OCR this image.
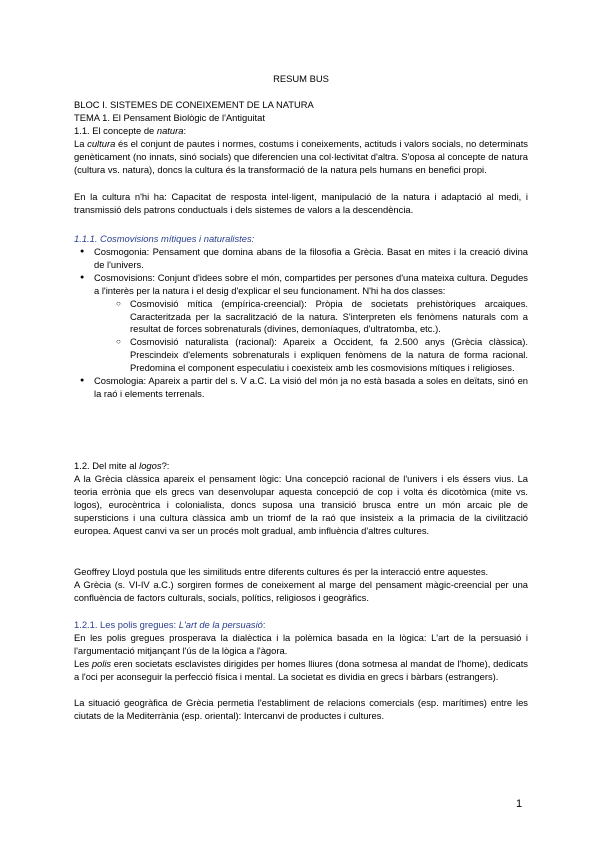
RESUM BUS
BLOC I. SISTEMES DE CONEIXEMENT DE LA NATURA
TEMA 1. El Pensament Biològic de l'Antiguitat
1.1. El concepte de natura:
La cultura és el conjunt de pautes i normes, costums i coneixements, actituds i valors socials, no determinats genèticament (no innats, sinó socials) que diferencien una col·lectivitat d'altra. S'oposa al concepte de natura (cultura vs. natura), doncs la cultura és la transformació de la natura pels humans en benefici propi.
En la cultura n'hi ha: Capacitat de resposta intel·ligent, manipulació de la natura i adaptació al medi, i transmissió dels patrons conductuals i dels sistemes de valors a la descendència.
1.1.1. Cosmovisions mítiques i naturalistes:
● Cosmogonia: Pensament que domina abans de la filosofia a Grècia. Basat en mites i la creació divina de l'univers.
● Cosmovisions: Conjunt d'idees sobre el món, compartides per persones d'una mateixa cultura. Degudes a l'interès per la natura i el desig d'explicar el seu funcionament. N'hi ha dos classes:
○ Cosmovisió mítica (empírica-creencial): Pròpia de societats prehistòriques arcaiques. Caracteritzada per la sacralització de la natura. S'interpreten els fenòmens naturals com a resultat de forces sobrenaturals (divines, demoníaques, d'ultratomba, etc.).
○ Cosmovisió naturalista (racional): Apareix a Occident, fa 2.500 anys (Grècia clàssica). Prescindeix d'elements sobrenaturals i expliquen fenòmens de la natura de forma racional. Predomina el component especulatiu i coexisteix amb les cosmovisions mítiques i religioses.
● Cosmologia: Apareix a partir del s. V a.C. La visió del món ja no està basada a soles en deïtats, sinó en la raó i elements terrenals.
1.2. Del mite al logos?:
A la Grècia clàssica apareix el pensament lògic: Una concepció racional de l'univers i els éssers vius. La teoria errònia que els grecs van desenvolupar aquesta concepció de cop i volta és dicotòmica (mite vs. logos), eurocèntrica i colonialista, doncs suposa una transició brusca entre un món arcaic ple de supersticions i una cultura clàssica amb un triomf de la raó que insisteix a la primacia de la civilització europea. Aquest canvi va ser un procés molt gradual, amb influència d'altres cultures.
Geoffrey Lloyd postula que les similituds entre diferents cultures és per la interacció entre aquestes.
A Grècia (s. VI-IV a.C.) sorgiren formes de coneixement al marge del pensament màgic-creencial per una confluència de factors culturals, socials, polítics, religiosos i geogràfics.
1.2.1. Les polis gregues: L'art de la persuasió:
En les polis gregues prosperava la dialèctica i la polèmica basada en la lògica: L'art de la persuasió i l'argumentació mitjançant l'ús de la lògica a l'àgora.
Les polis eren societats esclavistes dirigides per homes lliures (dona sotmesa al mandat de l'home), dedicats a l'oci per aconseguir la perfecció física i mental. La societat es dividia en grecs i bàrbars (estrangers).
La situació geogràfica de Grècia permetia l'establiment de relacions comercials (esp. marítimes) entre les ciutats de la Mediterrània (esp. oriental): Intercanvi de productes i cultures.
1
